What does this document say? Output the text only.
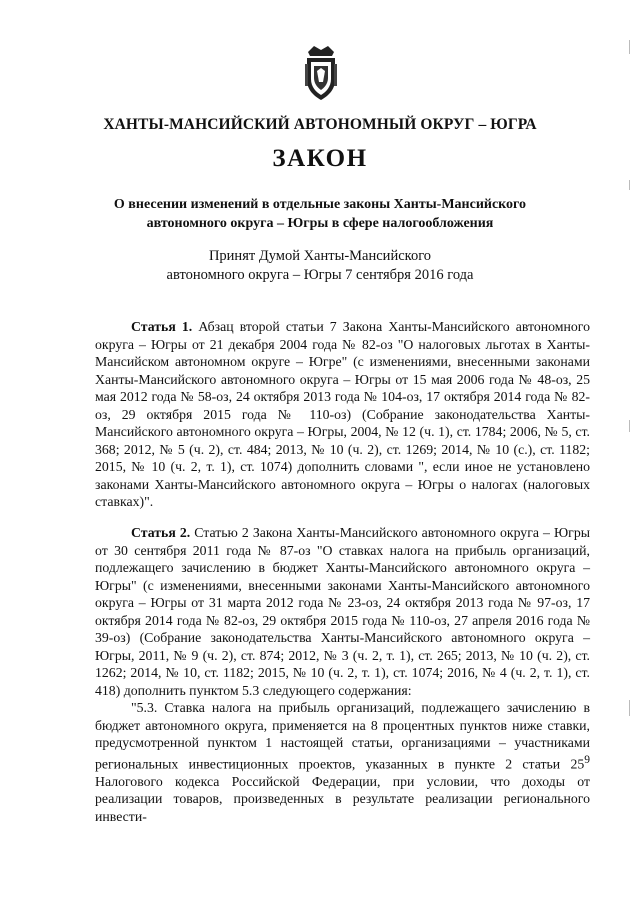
ХАНТЫ-МАНСИЙСКИЙ АВТОНОМНЫЙ ОКРУГ – ЮГРА
ЗАКОН
О внесении изменений в отдельные законы Ханты-Мансийского
автономного округа – Югры в сфере налогообложения
Принят Думой Ханты-Мансийского
автономного округа – Югры 7 сентября 2016 года

Статья 1. Абзац второй статьи 7 Закона Ханты-Мансийского автономного округа – Югры от 21 декабря 2004 года № 82-оз "О налоговых льготах в Ханты-Мансийском автономном округе – Югре" (с изменениями, внесенными законами Ханты-Мансийского автономного округа – Югры от 15 мая 2006 года № 48-оз, 25 мая 2012 года № 58-оз, 24 октября 2013 года № 104-оз, 17 октября 2014 года № 82-оз, 29 октября 2015 года № 110-оз) (Собрание законодательства Ханты-Мансийского автономного округа – Югры, 2004, № 12 (ч. 1), ст. 1784; 2006, № 5, ст. 368; 2012, № 5 (ч. 2), ст. 484; 2013, № 10 (ч. 2), ст. 1269; 2014, № 10 (с.), ст. 1182; 2015, № 10 (ч. 2, т. 1), ст. 1074) дополнить словами ", если иное не установлено законами Ханты-Мансийского автономного округа – Югры о налогах (налоговых ставках)".

Статья 2. Статью 2 Закона Ханты-Мансийского автономного округа – Югры от 30 сентября 2011 года № 87-оз "О ставках налога на прибыль организаций, подлежащего зачислению в бюджет Ханты-Мансийского автономного округа – Югры" (с изменениями, внесенными законами Ханты-Мансийского автономного округа – Югры от 31 марта 2012 года № 23-оз, 24 октября 2013 года № 97-оз, 17 октября 2014 года № 82-оз, 29 октября 2015 года № 110-оз, 27 апреля 2016 года № 39-оз) (Собрание законодательства Ханты-Мансийского автономного округа – Югры, 2011, № 9 (ч. 2), ст. 874; 2012, № 3 (ч. 2, т. 1), ст. 265; 2013, № 10 (ч. 2), ст. 1262; 2014, № 10, ст. 1182; 2015, № 10 (ч. 2, т. 1), ст. 1074; 2016, № 4 (ч. 2, т. 1), ст. 418) дополнить пунктом 5.3 следующего содержания:

"5.3. Ставка налога на прибыль организаций, подлежащего зачислению в бюджет автономного округа, применяется на 8 процентных пунктов ниже ставки, предусмотренной пунктом 1 настоящей статьи, организациями – участниками региональных инвестиционных проектов, указанных в пункте 2 статьи $25^9$ Налогового кодекса Российской Федерации, при условии, что доходы от реализации товаров, произведенных в результате реализации регионального инвести-
